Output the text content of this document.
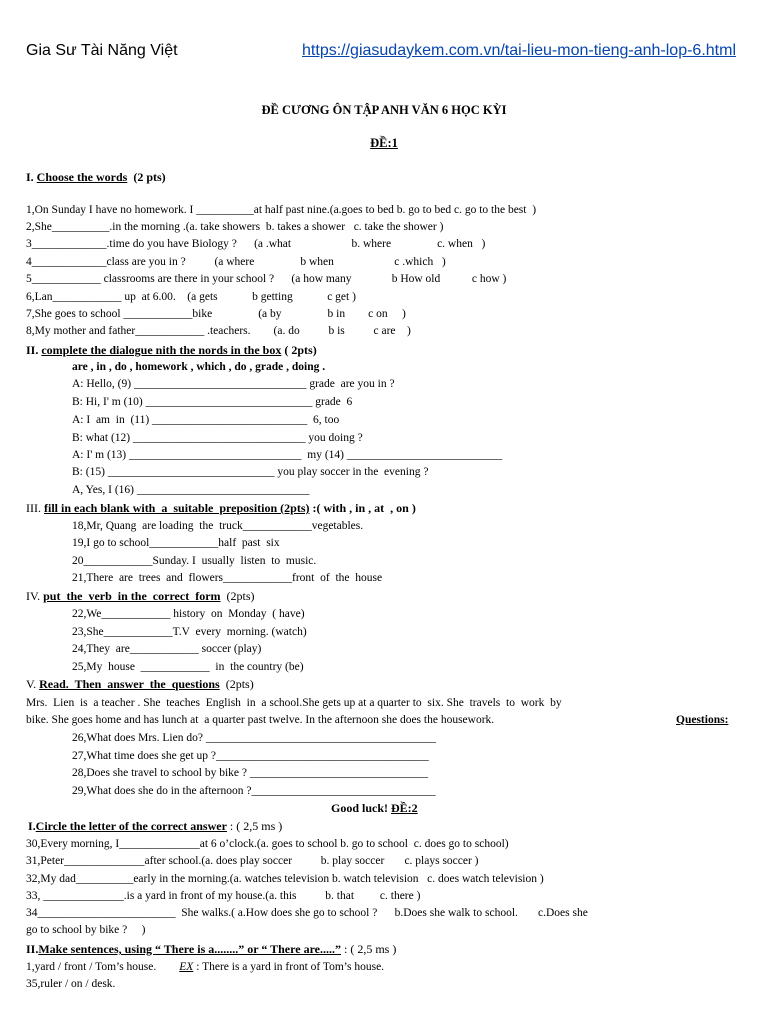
Gia Sư Tài Năng Việt	https://giasudaykem.com.vn/tai-lieu-mon-tieng-anh-lop-6.html
ĐỀ CƯƠNG ÔN TẬP ANH VĂN 6 HỌC KỲI
ĐỀ:1
I. Choose the words (2 pts)
1,On Sunday I have no homework. I __________at half past nine.(a.goes to bed b. go to bed c. go to the best  )
2,She__________.in the morning .(a. take showers  b. takes a shower   c. take the shower )
3_____________.time do you have Biology ?      (a .what                     b. where                c. when   )
4_____________class are you in ?          (a where                b when                     c .which   )
5____________ classrooms are there in your school ?      (a how many              b How old           c how )
6,Lan____________ up  at 6.00.    (a gets            b getting            c get )
7,She goes to school ____________bike                (a by                b in        c on     )
8,My mother and father____________ .teachers.        (a. do          b is          c are    )
II. complete the dialogue nith the nords in the box ( 2pts)
are , in , do , homework , which , do , grade , doing .
A: Hello, (9) ______________________________ grade  are you in ?
B: Hi, I' m (10) _____________________________ grade  6
A: I  am  in  (11) ___________________________  6, too
B: what (12) ______________________________ you doing ?
A: I' m (13) ______________________________  my (14) ___________________________
B: (15) _____________________________ you play soccer in the  evening ?
A, Yes, I (16) ______________________________
III. fill in each blank with  a  suitable  preposition (2pts) :( with , in , at  , on )
18,Mr, Quang  are loading  the  truck____________vegetables.
19,I go to school____________half  past  six
20____________Sunday. I  usually  listen  to  music.
21,There  are  trees  and  flowers____________front  of  the  house
IV. put  the  verb  in the  correct  form  (2pts)
22,We____________ history  on  Monday  ( have)
23,She____________T.V  every  morning. (watch)
24,They  are____________ soccer (play)
25,My  house  ____________  in  the country (be)
V. Read.  Then  answer  the  questions  (2pts)
Mrs.  Lien  is  a teacher . She  teaches  English  in  a school.She gets up at a quarter to  six. She  travels  to  work  by
bike. She goes home and has lunch at  a quarter past twelve. In the afternoon she does the housework.	Questions:
26,What does Mrs. Lien do? ________________________________________
27,What time does she get up ?_____________________________________
28,Does she travel to school by bike ? _______________________________
29,What does she do in the afternoon ?________________________________
Good luck! ĐỀ:2
I.Circle the letter of the correct answer : ( 2,5 ms )
30,Every morning, I______________at 6 o’clock.(a. goes to school b. go to school  c. does go to school)
31,Peter______________after school.(a. does play soccer          b. play soccer       c. plays soccer )
32,My dad__________early in the morning.(a. watches television b. watch television   c. does watch television )
33, ______________.is a yard in front of my house.(a. this          b. that         c. there )
34________________________  She walks.( a.How does she go to school ?      b.Does she walk to school.       c.Does she
go to school by bike ?     )
II.Make sentences, using “ There is a........” or “ There are.....” : ( 2,5 ms )
1,yard / front / Tom’s house.        EX : There is a yard in front of Tom’s house.
35,ruler / on / desk.
